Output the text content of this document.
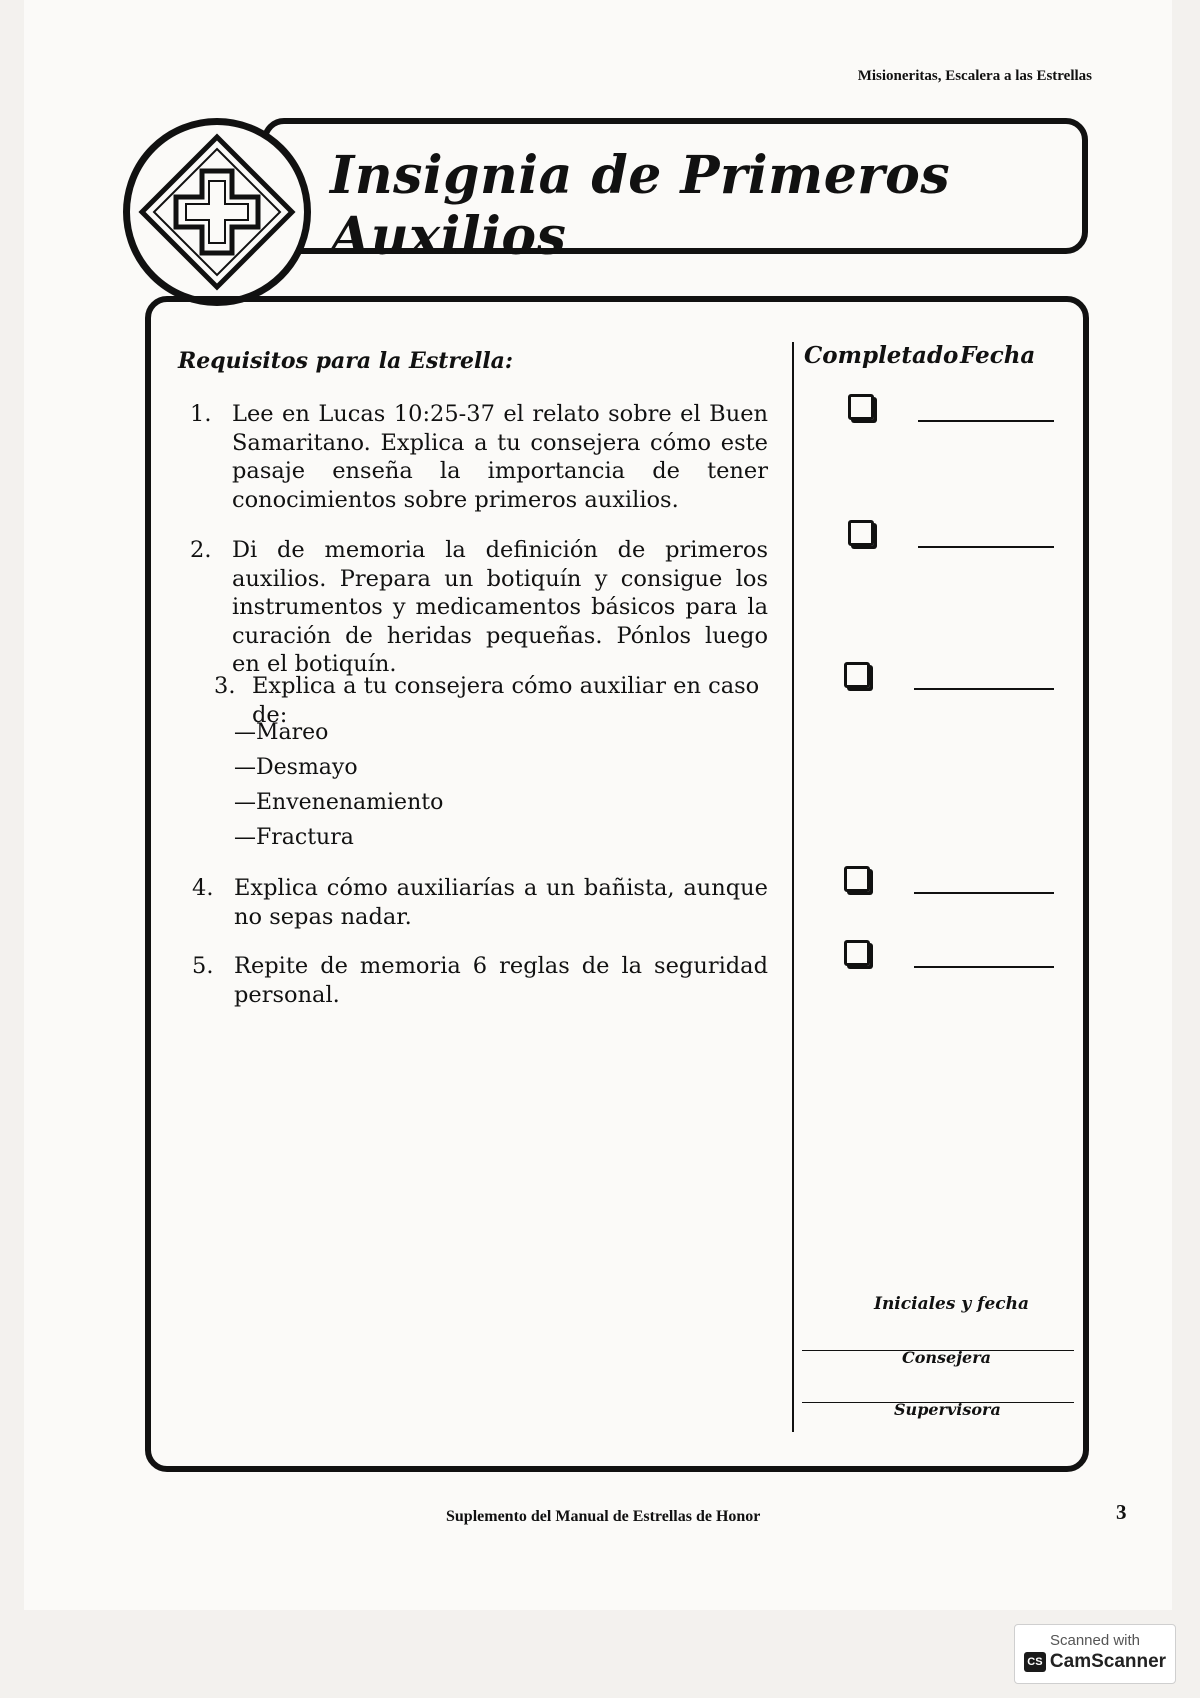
Misioneritas, Escalera a las Estrellas
Insignia de Primeros Auxilios
Requisitos para la Estrella:	Completado Fecha
1. Lee en Lucas 10:25-37 el relato sobre el Buen Samaritano. Explica a tu consejera cómo este pasaje enseña la importancia de tener conocimientos sobre primeros auxilios.
2. Di de memoria la definición de primeros auxilios. Prepara un botiquín y consigue los instrumentos y medicamentos básicos para la curación de heridas pequeñas. Pónlos luego en el botiquín.
3. Explica a tu consejera cómo auxiliar en caso de:
—Mareo
—Desmayo
—Envenenamiento
—Fractura
4. Explica cómo auxiliarías a un bañista, aunque no sepas nadar.
5. Repite de memoria 6 reglas de la seguridad personal.
Iniciales y fecha
Consejera
Supervisora
Suplemento del Manual de Estrellas de Honor	3
Scanned with
CS CamScanner
